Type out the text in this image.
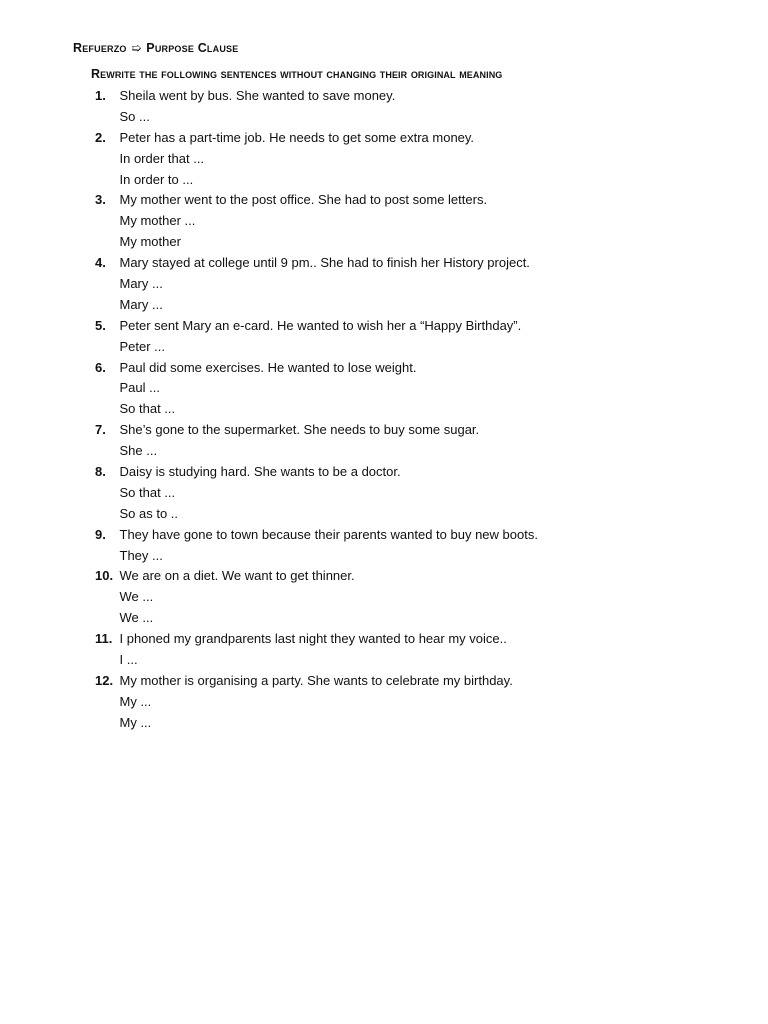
Refuerzo ➯ Purpose Clause
Rewrite the following sentences without changing their original meaning
1. Sheila went by bus. She wanted to save money.
So ...
2. Peter has a part-time job. He needs to get some extra money.
In order that ...
In order to ...
3. My mother went to the post office. She had to post some letters.
My mother ...
My mother
4. Mary stayed at college until 9 pm.. She had to finish her History project.
Mary ...
Mary ...
5. Peter sent Mary an e-card. He wanted to wish her a “Happy Birthday”.
Peter ...
6. Paul did some exercises. He wanted to lose weight.
Paul ...
So that ...
7. She’s gone to the supermarket. She needs to buy some sugar.
She ...
8. Daisy is studying hard. She wants to be a doctor.
So that ...
So as to ..
9. They have gone to town because their parents wanted to buy new boots.
They ...
10. We are on a diet. We want to get thinner.
We ...
We ...
11. I phoned my grandparents last night they wanted to hear my voice..
I ...
12. My mother is organising a party. She wants to celebrate my birthday.
My ...
My ...
